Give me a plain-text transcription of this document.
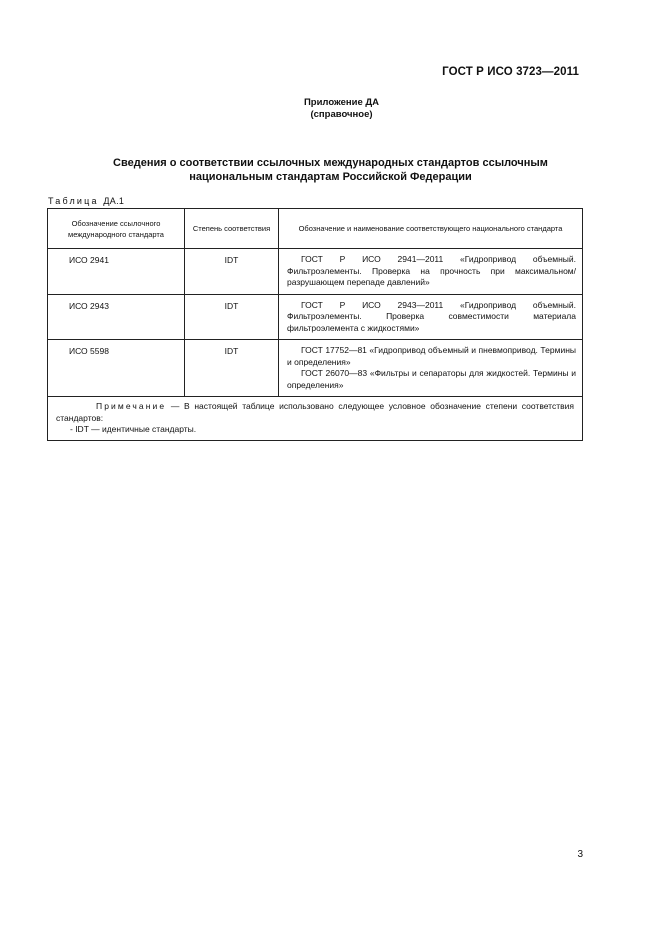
ГОСТ Р ИСО 3723—2011
Приложение ДА
(справочное)
Сведения о соответствии ссылочных международных стандартов ссылочным
национальным стандартам Российской Федерации
Таблица ДА.1
Обозначение ссылочного международного стандарта	Степень соответствия	Обозначение и наименование соответствующего национального стандарта
ИСО 2941	IDT	ГОСТ Р ИСО 2941—2011 «Гидропривод объемный. Фильтроэлементы. Проверка на прочность при максимальном/разрушающем перепаде давлений»

ИСО 2943	IDT	ГОСТ Р ИСО 2943—2011 «Гидропривод объемный. Фильтроэлементы. Проверка совместимости материала фильтроэлемента с жидкостями»

ИСО 5598	IDT	ГОСТ 17752—81 «Гидропривод объемный и пневмопривод. Термины и определения»
ГОСТ 26070—83 «Фильтры и сепараторы для жидкостей. Термины и определения»

Примечание — В настоящей таблице использовано следующее условное обозначение степени соответствия стандартов:
- IDT — идентичные стандарты.		
3
